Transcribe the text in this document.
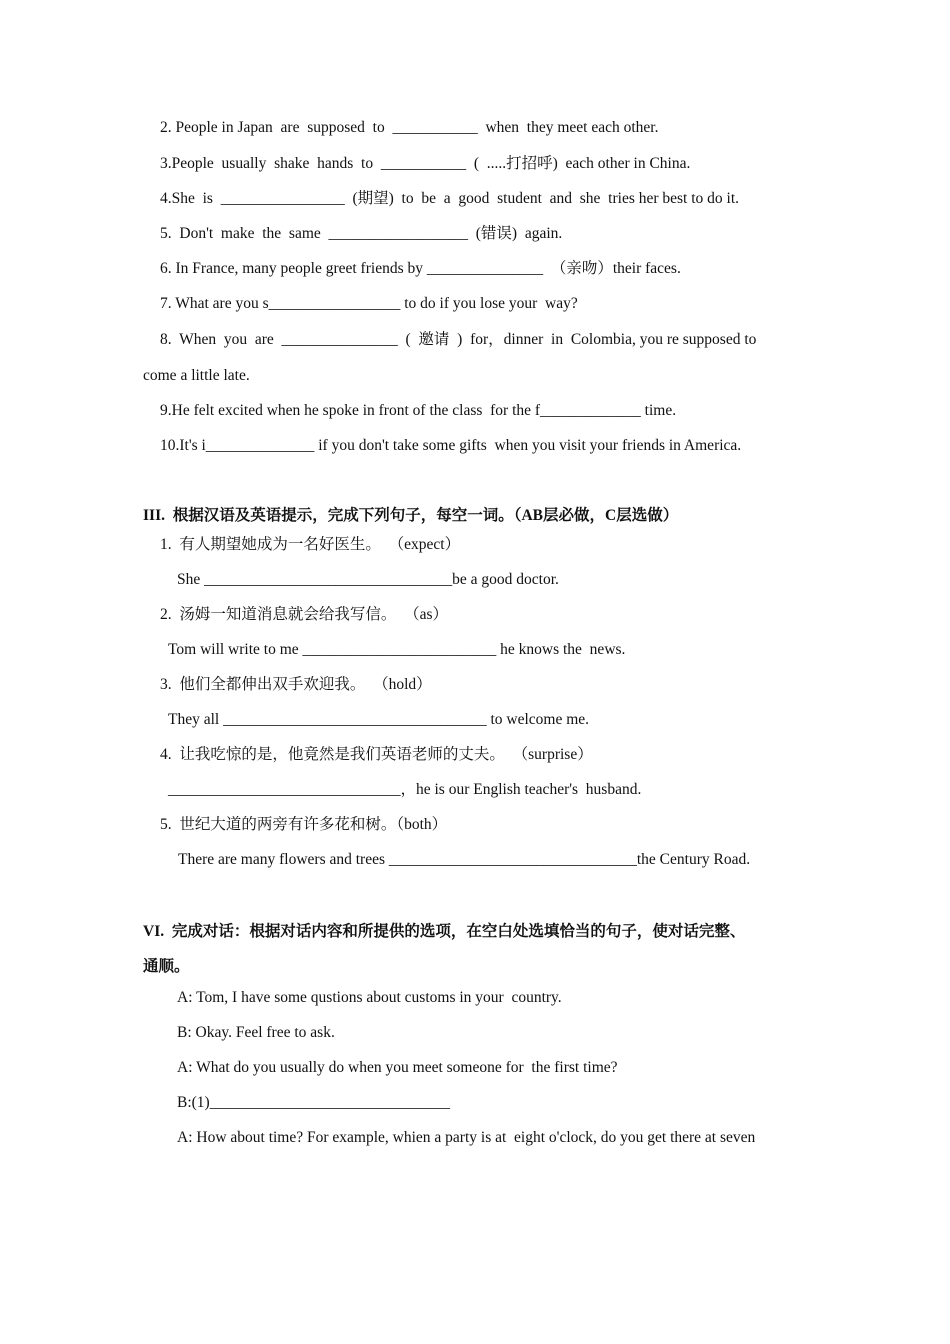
2. People in Japan  are  supposed  to  ___________  when  they meet each other.
3.People  usually  shake  hands  to  ___________  (  .....打招呼)  each other in China.
4.She  is  ________________  (期望)  to  be  a  good  student  and  she  tries her best to do it.
5.  Don't  make  the  same  __________________  (错误)  again.
6. In France, many people greet friends by _______________  （亲吻）their faces.
7. What are you s_________________ to do if you lose your  way?
8.  When  you  are  _______________  (  邀请  )  for，dinner  in  Colombia, you re supposed to
come a little late.
9.He felt excited when he spoke in front of the class  for the f_____________ time.
10.It's i______________ if you don't take some gifts  when you visit your friends in America.
III.  根据汉语及英语提示，完成下列句子，每空一词。（AB层必做，C层选做）
1.  有人期望她成为一名好医生。  （expect）
She ________________________________be a good doctor.
2.  汤姆一知道消息就会给我写信。  （as）
Tom will write to me _________________________ he knows the  news.
3.  他们全都伸出双手欢迎我。  （hold）
They all __________________________________ to welcome me.
4.  让我吃惊的是，他竟然是我们英语老师的丈夫。  （surprise）
______________________________，he is our English teacher's  husband.
5.  世纪大道的两旁有许多花和树。（both）
There are many flowers and trees ________________________________the Century Road.
VI.  完成对话：根据对话内容和所提供的选项，在空白处选填恰当的句子，使对话完整、
通顺。
A: Tom, I have some qustions about customs in your  country.
B: Okay. Feel free to ask.
A: What do you usually do when you meet someone for  the first time?
B:(1)_______________________________
A: How about time? For example, whien a party is at  eight o'clock, do you get there at seven
